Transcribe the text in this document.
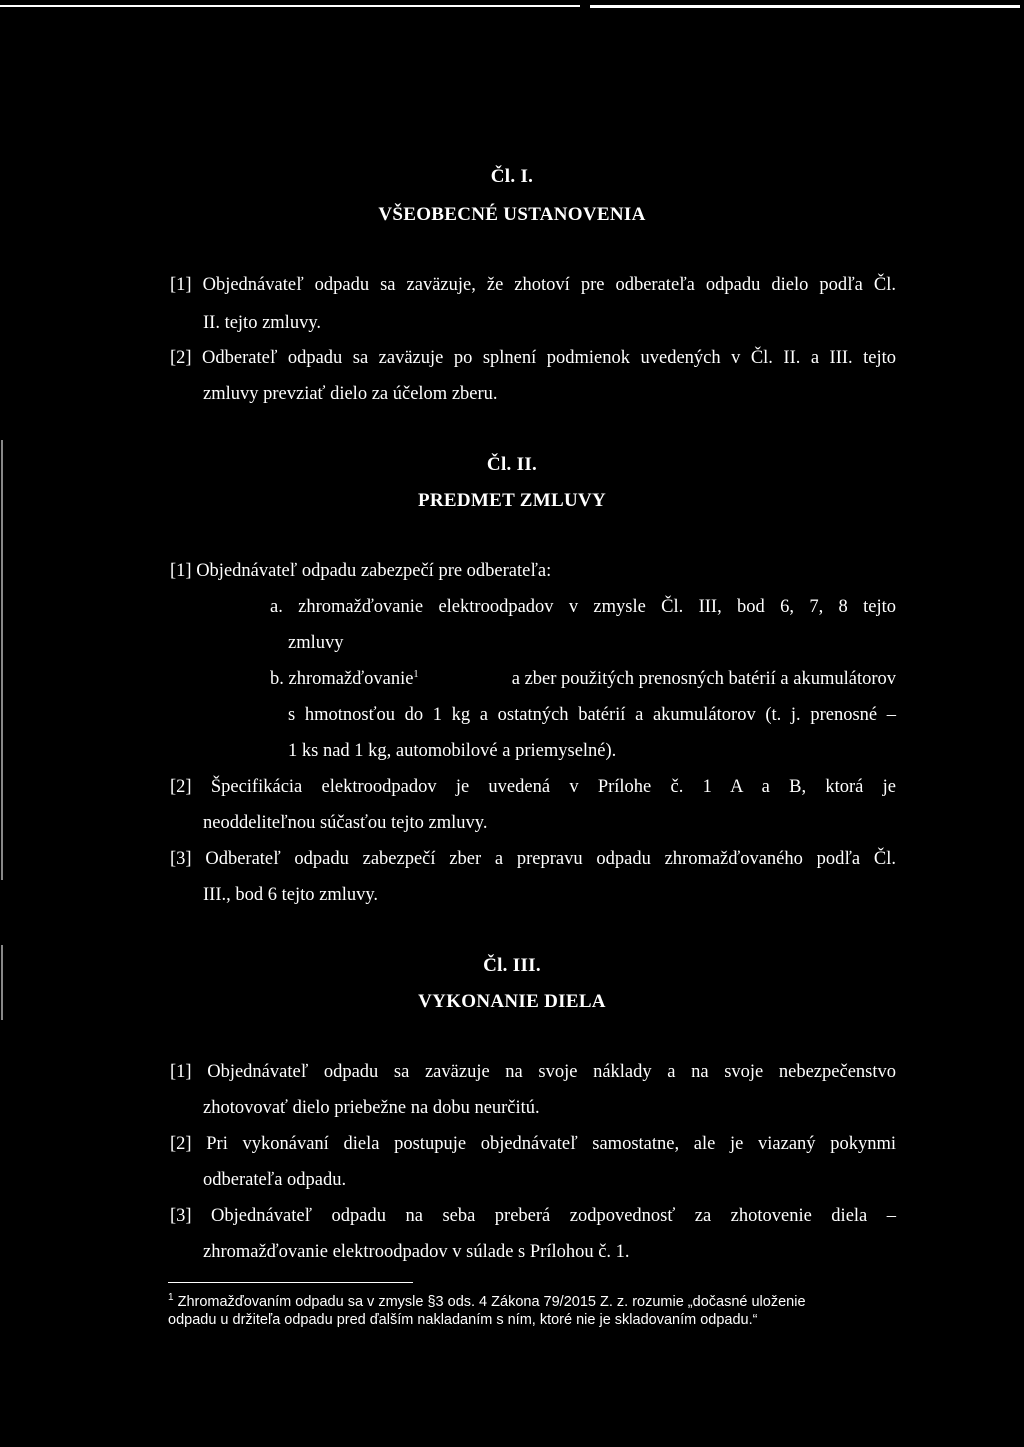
Čl. I.
VŠEOBECNÉ USTANOVENIA
[1] Objednávateľ odpadu sa zaväzuje, že zhotoví pre odberateľa odpadu dielo podľa Čl.
II. tejto zmluvy.
[2] Odberateľ odpadu sa zaväzuje po splnení podmienok uvedených v Čl. II. a III. tejto
zmluvy prevziať dielo za účelom zberu.
Čl. II.
PREDMET ZMLUVY
[1] Objednávateľ odpadu zabezpečí pre odberateľa:
a. zhromažďovanie elektroodpadov v zmysle Čl. III, bod 6, 7, 8 tejto
zmluvy
b. zhromažďovanie$^1$	a zber použitých prenosných batérií a akumulátorov
s hmotnosťou do 1 kg a ostatných batérií a akumulátorov (t. j. prenosné –
1 ks nad 1 kg, automobilové a priemyselné).
[2] Špecifikácia elektroodpadov je uvedená v Prílohe č. 1 A a B, ktorá je
neoddeliteľnou súčasťou tejto zmluvy.
[3] Odberateľ odpadu zabezpečí zber a prepravu odpadu zhromažďovaného podľa Čl.
III., bod 6 tejto zmluvy.
Čl. III.
VYKONANIE DIELA
[1] Objednávateľ odpadu sa zaväzuje na svoje náklady a na svoje nebezpečenstvo
zhotovovať dielo priebežne na dobu neurčitú.
[2] Pri vykonávaní diela postupuje objednávateľ samostatne, ale je viazaný pokynmi
odberateľa odpadu.
[3] Objednávateľ odpadu na seba preberá zodpovednosť za zhotovenie diela –
zhromažďovanie elektroodpadov v súlade s Prílohou č. 1.
$^1$ Zhromažďovaním odpadu sa v zmysle §3 ods. 4 Zákona 79/2015 Z. z. rozumie „dočasné uloženie
odpadu u držiteľa odpadu pred ďalším nakladaním s ním, ktoré nie je skladovaním odpadu.“
